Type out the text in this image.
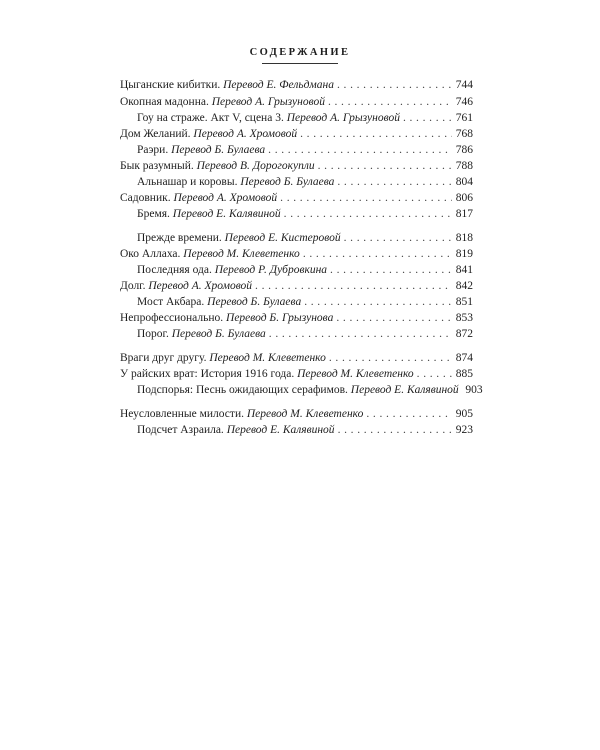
СОДЕРЖАНИЕ
Цыганские кибитки.
Перевод Е. Фельдмана . . .	744
Окопная мадонна.
Перевод А. Грызуновой . . .	746
Гоу на страже. Акт V, сцена 3.
Перевод А. Грызуновой . . .	761
Дом Желаний.
Перевод А. Хромовой . . .	768
Раэри.
Перевод Б. Булаева . . .	786
Бык разумный.
Перевод В. Дорогокупли . . .	788
Альнашар и коровы.
Перевод Б. Булаева . . .	804
Садовник.
Перевод А. Хромовой . . .	806
Бремя.
Перевод Е. Калявиной . . .	817
Прежде времени.
Перевод Е. Кистеровой . . .	818
Око Аллаха.
Перевод М. Клеветенко . . .	819
Последняя ода.
Перевод Р. Дубровкина . . .	841
Долг.
Перевод А. Хромовой . . .	842
Мост Акбара.
Перевод Б. Булаева . . .	851
Непрофессионально.
Перевод Б. Грызунова . . .	853
Порог.
Перевод Б. Булаева . . .	872
Враги друг другу.
Перевод М. Клеветенко . . .	874
У райских врат: История 1916 года.
Перевод М. Клеветенко . . .	885
Подспорья: Песнь ожидающих серафимов.
Перевод Е. Калявиной 903
Неусловленные милости.
Перевод М. Клеветенко . . .	905
Подсчет Азраила.
Перевод Е. Калявиной . . .	923
